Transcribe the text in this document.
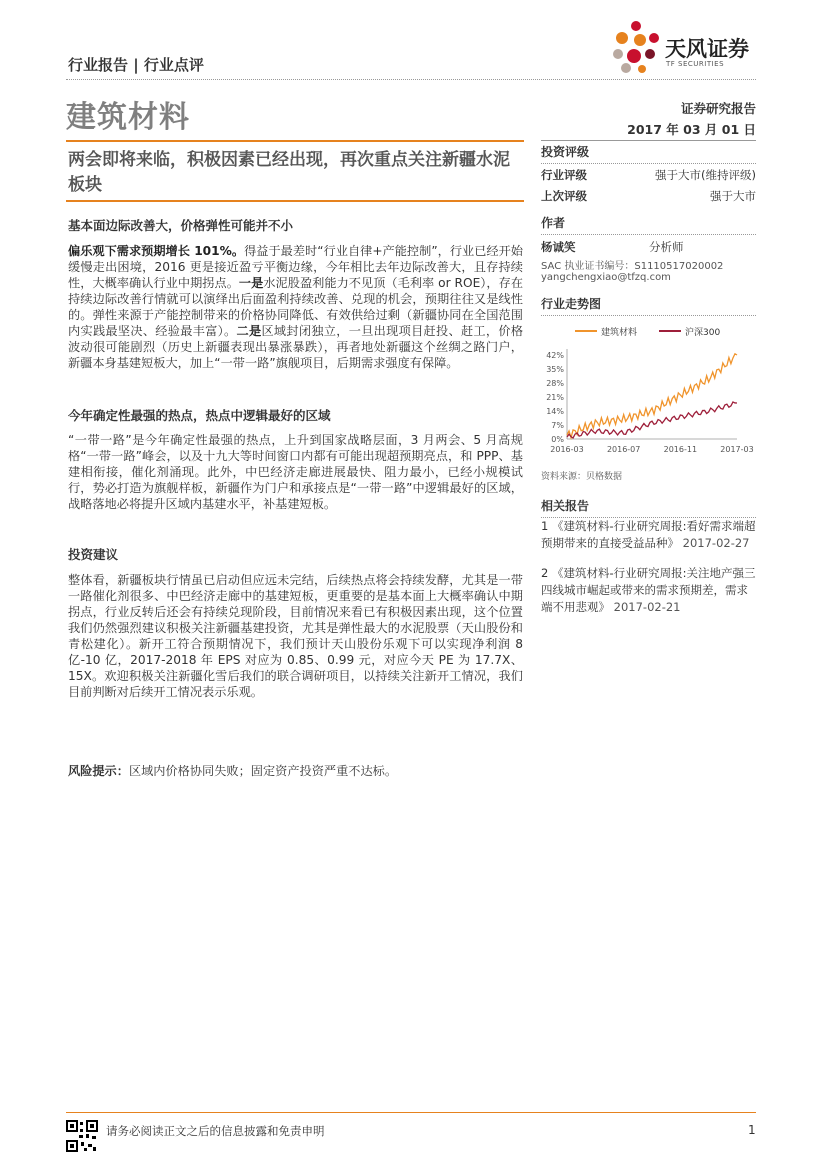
行业报告 | 行业点评
天风证券
TF SECURITIES
建筑材料	证券研究报告
2017 年 03 月 01 日
两会即将来临，积极因素已经出现，再次重点关注新疆水泥板块
基本面边际改善大，价格弹性可能并不小
偏乐观下需求预期增长 101%。得益于最差时“行业自律+产能控制”，行业已经开始缓慢走出困境，2016 更是接近盈亏平衡边缘，今年相比去年边际改善大，且存持续性，大概率确认行业中期拐点。一是水泥股盈利能力不见顶（毛利率 or ROE），存在持续边际改善行情就可以演绎出后面盈利持续改善、兑现的机会，预期往往又是线性的。弹性来源于产能控制带来的价格协同降低、有效供给过剩（新疆协同在全国范围内实践最坚决、经验最丰富）。二是区域封闭独立，一旦出现项目赶投、赶工，价格波动很可能剧烈（历史上新疆表现出暴涨暴跌），再者地处新疆这个丝绸之路门户，新疆本身基建短板大，加上“一带一路”旗舰项目，后期需求强度有保障。
今年确定性最强的热点，热点中逻辑最好的区域
“一带一路”是今年确定性最强的热点，上升到国家战略层面，3 月两会、5 月高规格“一带一路”峰会，以及十九大等时间窗口内都有可能出现超预期亮点，和 PPP、基建相衔接，催化剂涌现。此外，中巴经济走廊进展最快、阻力最小，已经小规模试行，势必打造为旗舰样板，新疆作为门户和承接点是“一带一路”中逻辑最好的区域，战略落地必将提升区域内基建水平，补基建短板。
投资建议
整体看，新疆板块行情虽已启动但应远未完结，后续热点将会持续发酵，尤其是一带一路催化剂很多、中巴经济走廊中的基建短板，更重要的是基本面上大概率确认中期拐点，行业反转后还会有持续兑现阶段，目前情况来看已有积极因素出现，这个位置我们仍然强烈建议积极关注新疆基建投资，尤其是弹性最大的水泥股票（天山股份和青松建化）。新开工符合预期情况下，我们预计天山股份乐观下可以实现净利润 8 亿-10 亿，2017-2018 年 EPS 对应为 0.85、0.99 元，对应今天 PE 为 17.7X、15X。欢迎积极关注新疆化雪后我们的联合调研项目，以持续关注新开工情况，我们目前判断对后续开工情况表示乐观。
风险提示：区域内价格协同失败；固定资产投资严重不达标。
投资评级
行业评级	强于大市(维持评级)
上次评级	强于大市
作者
杨诚笑	分析师
SAC 执业证书编号：S1110517020002
yangchengxiao@tfzq.com
行业走势图
建筑材料	沪深300
0%
7%
14%
21%
28%
35%
42%
2016-03	2016-07	2016-11	2017-03
资料来源：贝格数据
相关报告
1 《建筑材料-行业研究周报:看好需求端超预期带来的直接受益品种》 2017-02-27
2 《建筑材料-行业研究周报:关注地产强三四线城市崛起或带来的需求预期差，需求端不用悲观》 2017-02-21
请务必阅读正文之后的信息披露和免责申明	1
